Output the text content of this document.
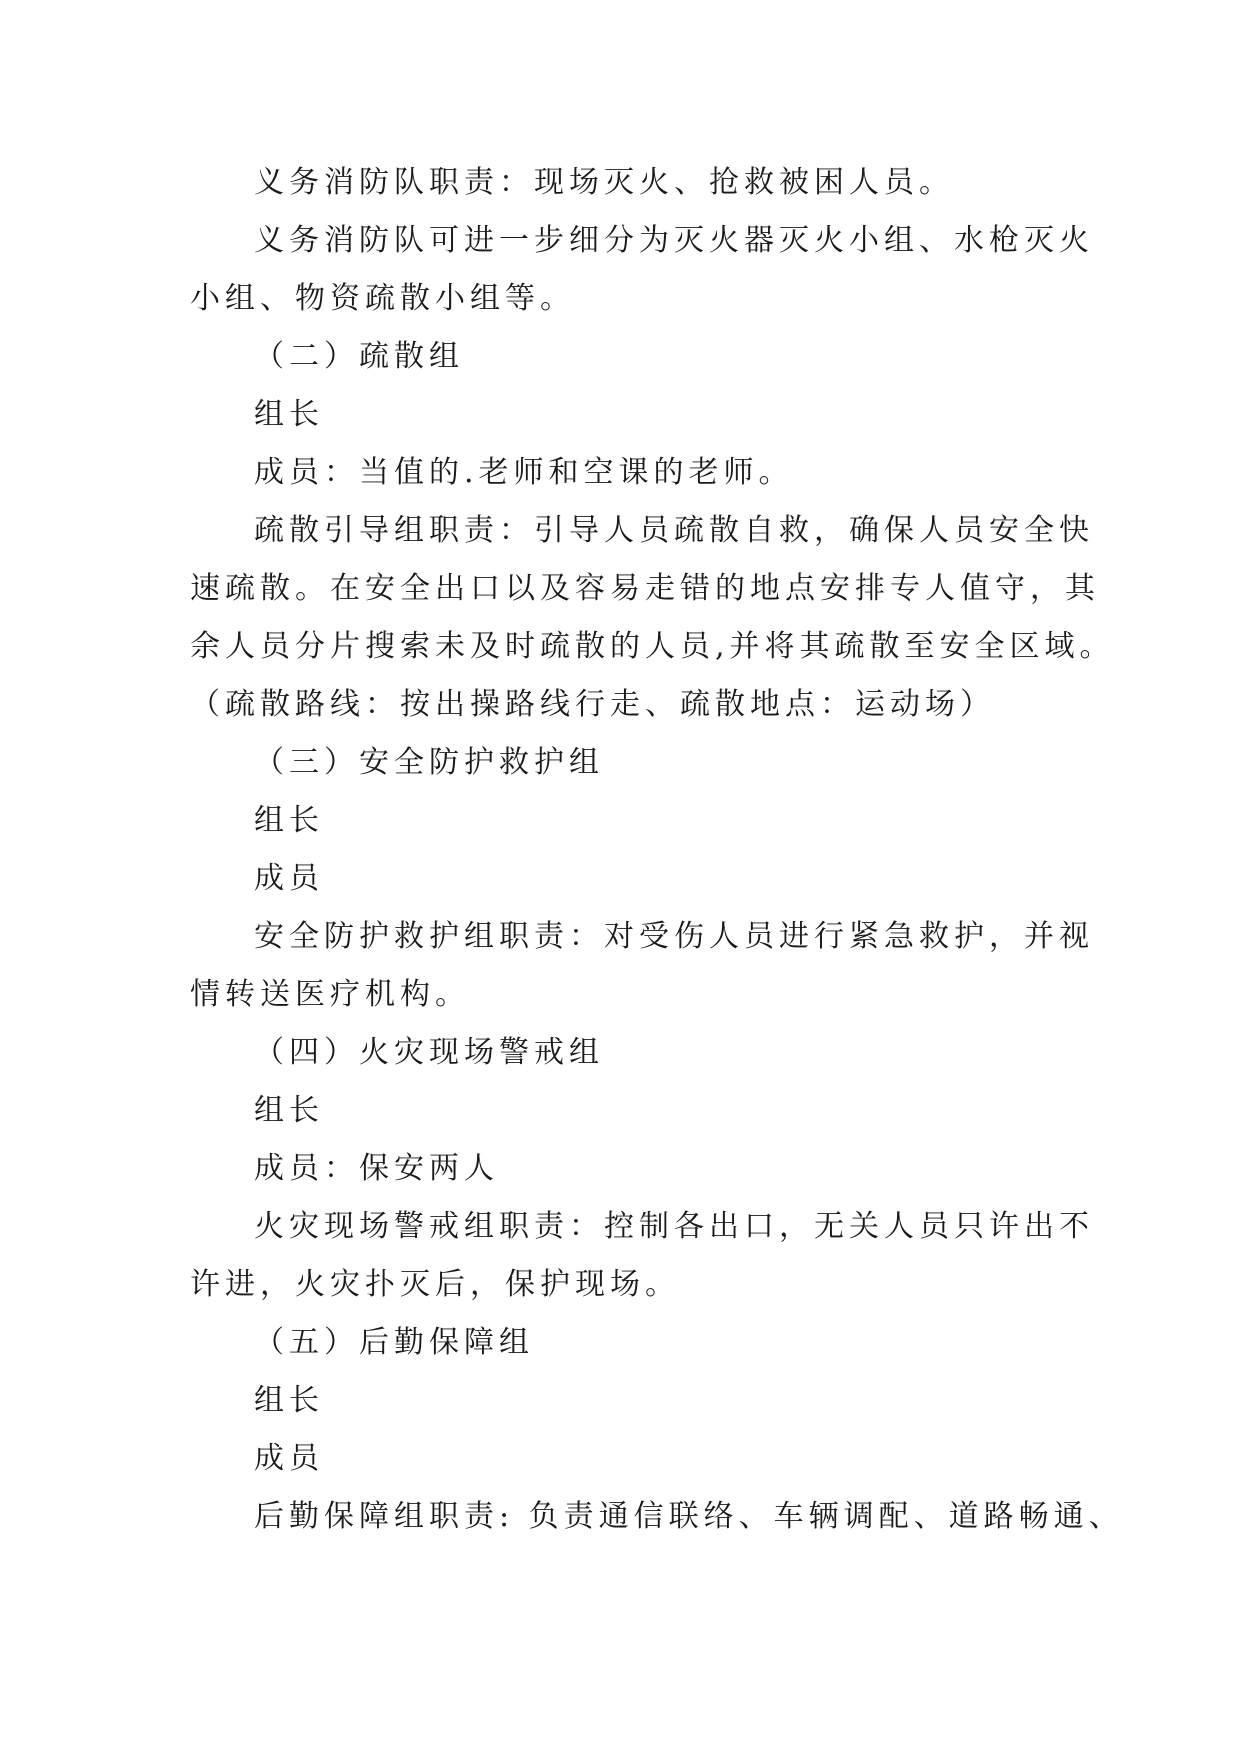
义务消防队职责：现场灭火、抢救被困人员。
义务消防队可进一步细分为灭火器灭火小组、水枪灭火
小组、物资疏散小组等。
（二）疏散组
组长
成员：当值的.老师和空课的老师。
疏散引导组职责：引导人员疏散自救，确保人员安全快
速疏散。在安全出口以及容易走错的地点安排专人值守，其
余人员分片搜索未及时疏散的人员,并将其疏散至安全区域。
（疏散路线：按出操路线行走、疏散地点：运动场）
（三）安全防护救护组
组长
成员
安全防护救护组职责：对受伤人员进行紧急救护，并视
情转送医疗机构。
（四）火灾现场警戒组
组长
成员：保安两人
火灾现场警戒组职责：控制各出口，无关人员只许出不
许进，火灾扑灭后，保护现场。
（五）后勤保障组
组长
成员
后勤保障组职责: 负责通信联络、车辆调配、道路畅通、
